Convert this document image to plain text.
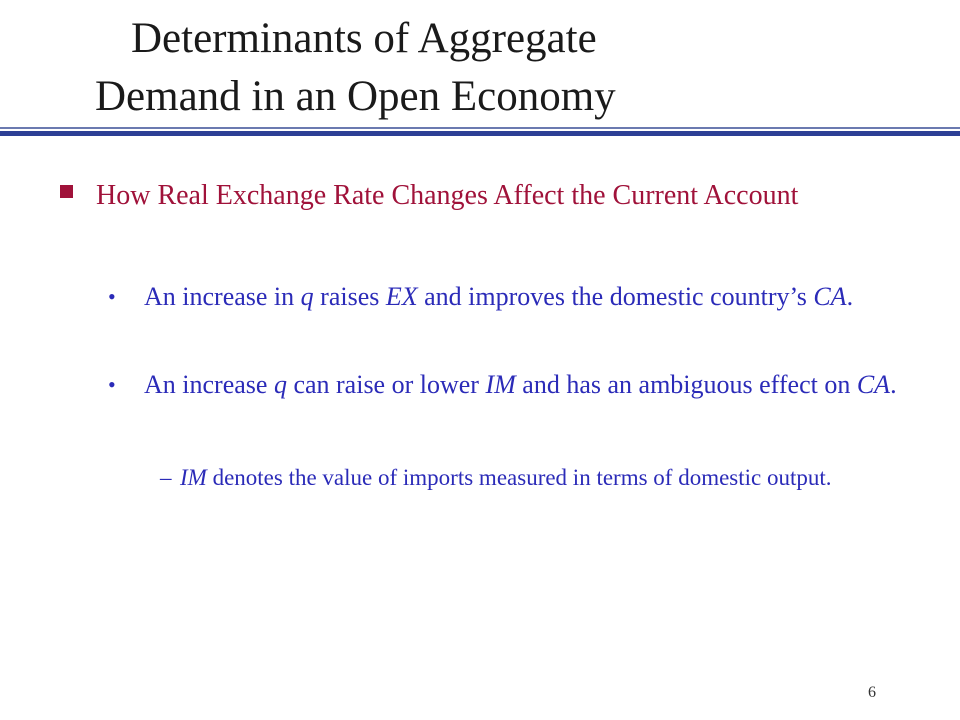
Determinants of Aggregate
Demand in an Open Economy
How Real Exchange Rate Changes Affect the Current Account
•	An increase in q raises EX and improves the domestic country’s CA.
•	An increase q can raise or lower IM and has an ambiguous effect on CA.
– IM denotes the value of imports measured in terms of domestic output.
6
